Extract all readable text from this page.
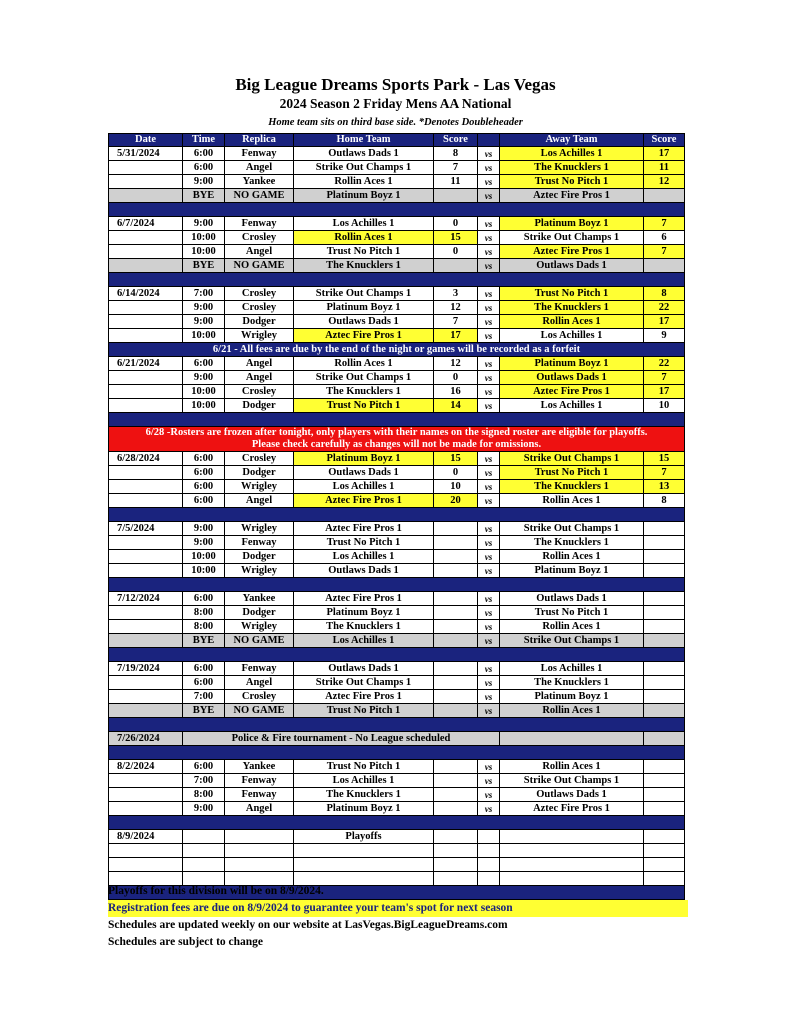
Big League Dreams Sports Park - Las Vegas
2024 Season 2 Friday Mens AA National
Home team sits on third base side. *Denotes Doubleheader
Date	Time	Replica	Home Team	Score		Away Team	Score
5/31/2024	6:00	Fenway	Outlaws Dads 1	8	vs	Los Achilles 1	17
	6:00	Angel	Strike Out Champs 1	7	vs	The Knucklers 1	11
	9:00	Yankee	Rollin Aces 1	11	vs	Trust No Pitch 1	12
	BYE	NO GAME	Platinum Boyz 1		vs	Aztec Fire Pros 1	

6/7/2024	9:00	Fenway	Los Achilles 1	0	vs	Platinum Boyz 1	7
	10:00	Crosley	Rollin Aces 1	15	vs	Strike Out Champs 1	6
	10:00	Angel	Trust No Pitch 1	0	vs	Aztec Fire Pros 1	7
	BYE	NO GAME	The Knucklers 1		vs	Outlaws Dads 1	

6/14/2024	7:00	Crosley	Strike Out Champs 1	3	vs	Trust No Pitch 1	8
	9:00	Crosley	Platinum Boyz 1	12	vs	The Knucklers 1	22
	9:00	Dodger	Outlaws Dads 1	7	vs	Rollin Aces 1	17
	10:00	Wrigley	Aztec Fire Pros 1	17	vs	Los Achilles 1	9
6/21 - All fees are due by the end of the night or games will be recorded as a forfeit							
6/21/2024	6:00	Angel	Rollin Aces 1	12	vs	Platinum Boyz 1	22
	9:00	Angel	Strike Out Champs 1	0	vs	Outlaws Dads 1	7
	10:00	Crosley	The Knucklers 1	16	vs	Aztec Fire Pros 1	17
	10:00	Dodger	Trust No Pitch 1	14	vs	Los Achilles 1	10

6/28 -Rosters are frozen after tonight, only players with their names on the signed roster are eligible for playoffs.
Please check carefully as changes will not be made for omissions.							

6/28/2024	6:00	Crosley	Platinum Boyz 1	15	vs	Strike Out Champs 1	15
	6:00	Dodger	Outlaws Dads 1	0	vs	Trust No Pitch 1	7
	6:00	Wrigley	Los Achilles 1	10	vs	The Knucklers 1	13
	6:00	Angel	Aztec Fire Pros 1	20	vs	Rollin Aces 1	8

7/5/2024	9:00	Wrigley	Aztec Fire Pros 1		vs	Strike Out Champs 1	
	9:00	Fenway	Trust No Pitch 1		vs	The Knucklers 1	
	10:00	Dodger	Los Achilles 1		vs	Rollin Aces 1	
	10:00	Wrigley	Outlaws Dads 1		vs	Platinum Boyz 1	

7/12/2024	6:00	Yankee	Aztec Fire Pros 1		vs	Outlaws Dads 1	
	8:00	Dodger	Platinum Boyz 1		vs	Trust No Pitch 1	
	8:00	Wrigley	The Knucklers 1		vs	Rollin Aces 1	
	BYE	NO GAME	Los Achilles 1		vs	Strike Out Champs 1	

7/19/2024	6:00	Fenway	Outlaws Dads 1		vs	Los Achilles 1	
	6:00	Angel	Strike Out Champs 1		vs	The Knucklers 1	
	7:00	Crosley	Aztec Fire Pros 1		vs	Platinum Boyz 1	
	BYE	NO GAME	Trust No Pitch 1		vs	Rollin Aces 1	

7/26/2024	Police & Fire tournament - No League scheduled						

8/2/2024	6:00	Yankee	Trust No Pitch 1		vs	Rollin Aces 1	
	7:00	Fenway	Los Achilles 1		vs	Strike Out Champs 1	
	8:00	Fenway	The Knucklers 1		vs	Outlaws Dads 1	
	9:00	Angel	Platinum Boyz 1		vs	Aztec Fire Pros 1	

8/9/2024			Playoffs				

Playoffs for this division will be on 8/9/2024.
Registration fees are due on 8/9/2024 to guarantee your team's spot for next season
Schedules are updated weekly on our website at LasVegas.BigLeagueDreams.com
Schedules are subject to change
